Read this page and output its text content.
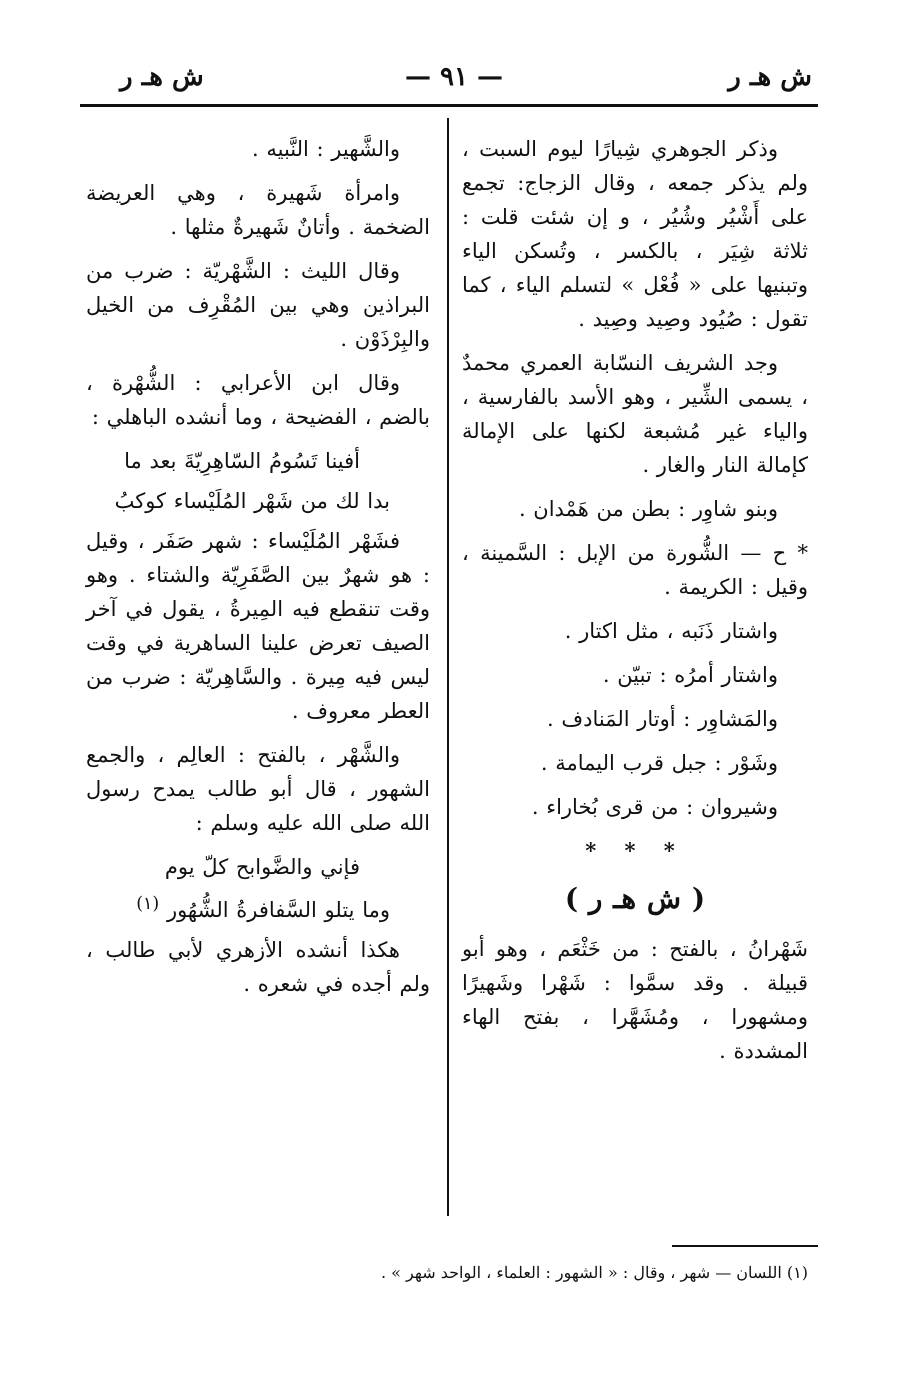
ش هـ ر
— ٩١ —
ش هـ ر

وذكر الجوهري شِيارًا ليوم السبت ، ولم يذكر جمعه ، وقال الزجاج: تجمع على أَشْيُر وشُيُر ، و إن شئت قلت : ثلاثة شِيَر ، بالكسر ، وتُسكن الياء وتبنيها على « فُعْل » لتسلم الياء ، كما تقول : صُيُود وصِيد وصِيد .

وجد الشريف النسّابة العمري محمدٌ ، يسمى الشِّير ، وهو الأسد بالفارسية ، والياء غير مُشبعة لكنها على الإمالة كإمالة النار والغار .

وبنو شاوِر : بطن من هَمْدان .

* ح — الشُّورة من الإبل : السَّمينة ، وقيل : الكريمة .

واشتار ذَنَبه ، مثل اكتار .

واشتار أمرُه : تبيّن .

والمَشاوِر : أوتار المَنادف .

وشَوْر : جبل قرب اليمامة .

وشيروان : من قرى بُخاراء .

* * *

( ش هـ ر )

شَهْرانُ ، بالفتح : من خَثْعَم ، وهو أبو قبيلة . وقد سمَّوا : شَهْرا وشَهيرًا ومشهورا ، ومُشَهَّرا ، بفتح الهاء المشددة .

والشَّهير : النَّبيه .

وامرأة شَهيرة ، وهي العريضة الضخمة . وأتانٌ شَهيرةٌ مثلها .

وقال الليث : الشَّهْريّة : ضرب من البراذين وهي بين المُقْرِف من الخيل والبِرْذَوْن .

وقال ابن الأعرابي : الشُّهْرة ، بالضم ، الفضيحة ، وما أنشده الباهلي :

أفينا تَسُومُ السّاهِرِيّةَ بعد ما

بدا لك من شَهْر المُلَيْساء كوكبُ

فشَهْر المُلَيْساء : شهر صَفَر ، وقيل : هو شهرٌ بين الصَّفَرِيّة والشتاء . وهو وقت تنقطع فيه المِيرةُ ، يقول في آخر الصيف تعرض علينا الساهرية في وقت ليس فيه مِيرة . والسَّاهِريّة : ضرب من العطر معروف .

والشَّهْر ، بالفتح : العالِم ، والجمع الشهور ، قال أبو طالب يمدح رسول الله صلى الله عليه وسلم :

فإني والضَّوابح كلّ يوم

وما يتلو السَّفافرةُ الشُّهُور $^{(١)}$

هكذا أنشده الأزهري لأبي طالب ، ولم أجده في شعره .

(١) اللسان — شهر ، وقال : « الشهور : العلماء ، الواحد شهر » .
